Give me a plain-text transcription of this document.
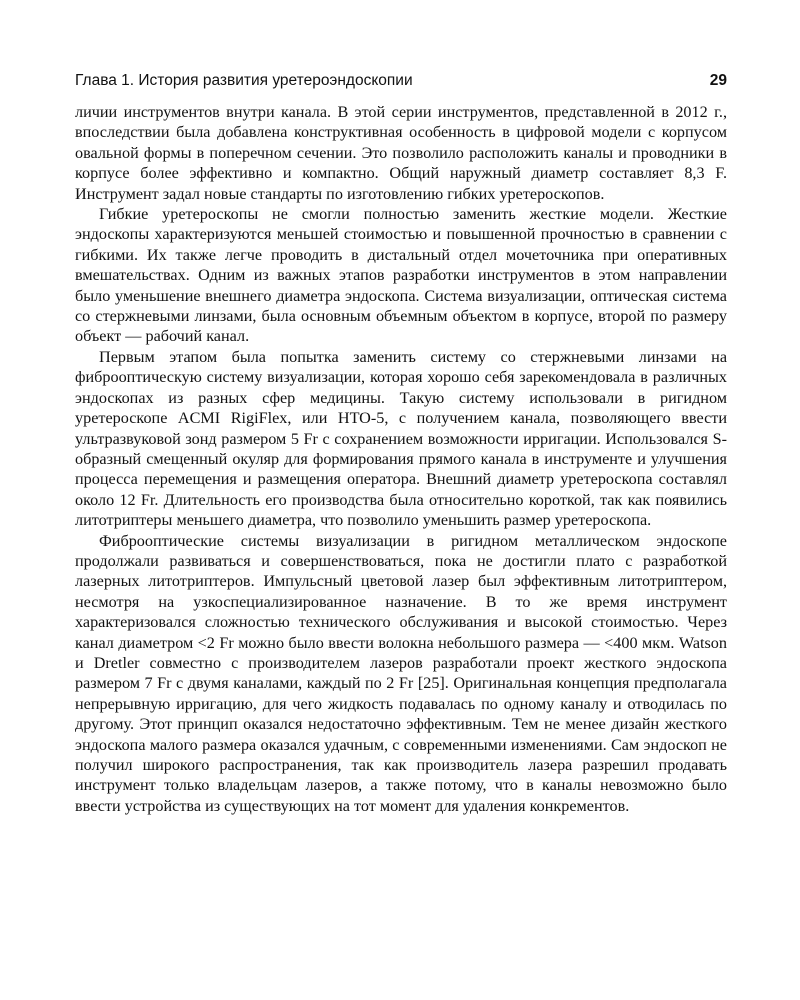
Глава 1. История развития уретероэндоскопии	29

личии инструментов внутри канала. В этой серии инструментов, представленной в 2012 г., впоследствии была добавлена конструктивная особенность в цифровой модели с корпусом овальной формы в поперечном сечении. Это позволило расположить каналы и проводники в корпусе более эффективно и компактно. Общий наружный диаметр составляет 8,3 F. Инструмент задал новые стандарты по изготовлению гибких уретероскопов.

Гибкие уретероскопы не смогли полностью заменить жесткие модели. Жесткие эндоскопы характеризуются меньшей стоимостью и повышенной прочностью в сравнении с гибкими. Их также легче проводить в дистальный отдел мочеточника при оперативных вмешательствах. Одним из важных этапов разработки инструментов в этом направлении было уменьшение внешнего диаметра эндоскопа. Система визуализации, оптическая система со стержневыми линзами, была основным объемным объектом в корпусе, второй по размеру объект — рабочий канал.

Первым этапом была попытка заменить систему со стержневыми линзами на фиброоптическую систему визуализации, которая хорошо себя зарекомендовала в различных эндоскопах из разных сфер медицины. Такую систему использовали в ригидном уретероскопе ACMI RigiFlex, или HTO-5, с получением канала, позволяющего ввести ультразвуковой зонд размером 5 Fr с сохранением возможности ирригации. Использовался S-образный смещенный окуляр для формирования прямого канала в инструменте и улучшения процесса перемещения и размещения оператора. Внешний диаметр уретероскопа составлял около 12 Fr. Длительность его производства была относительно короткой, так как появились литотриптеры меньшего диаметра, что позволило уменьшить размер уретероскопа.

Фиброоптические системы визуализации в ригидном металлическом эндоскопе продолжали развиваться и совершенствоваться, пока не достигли плато с разработкой лазерных литотриптеров. Импульсный цветовой лазер был эффективным литотриптером, несмотря на узкоспециализированное назначение. В то же время инструмент характеризовался сложностью технического обслуживания и высокой стоимостью. Через канал диаметром <2 Fr можно было ввести волокна небольшого размера — <400 мкм. Watson и Dretler совместно с производителем лазеров разработали проект жесткого эндоскопа размером 7 Fr с двумя каналами, каждый по 2 Fr [25]. Оригинальная концепция предполагала непрерывную ирригацию, для чего жидкость подавалась по одному каналу и отводилась по другому. Этот принцип оказался недостаточно эффективным. Тем не менее дизайн жесткого эндоскопа малого размера оказался удачным, с современными изменениями. Сам эндоскоп не получил широкого распространения, так как производитель лазера разрешил продавать инструмент только владельцам лазеров, а также потому, что в каналы невозможно было ввести устройства из существующих на тот момент для удаления конкрементов.
